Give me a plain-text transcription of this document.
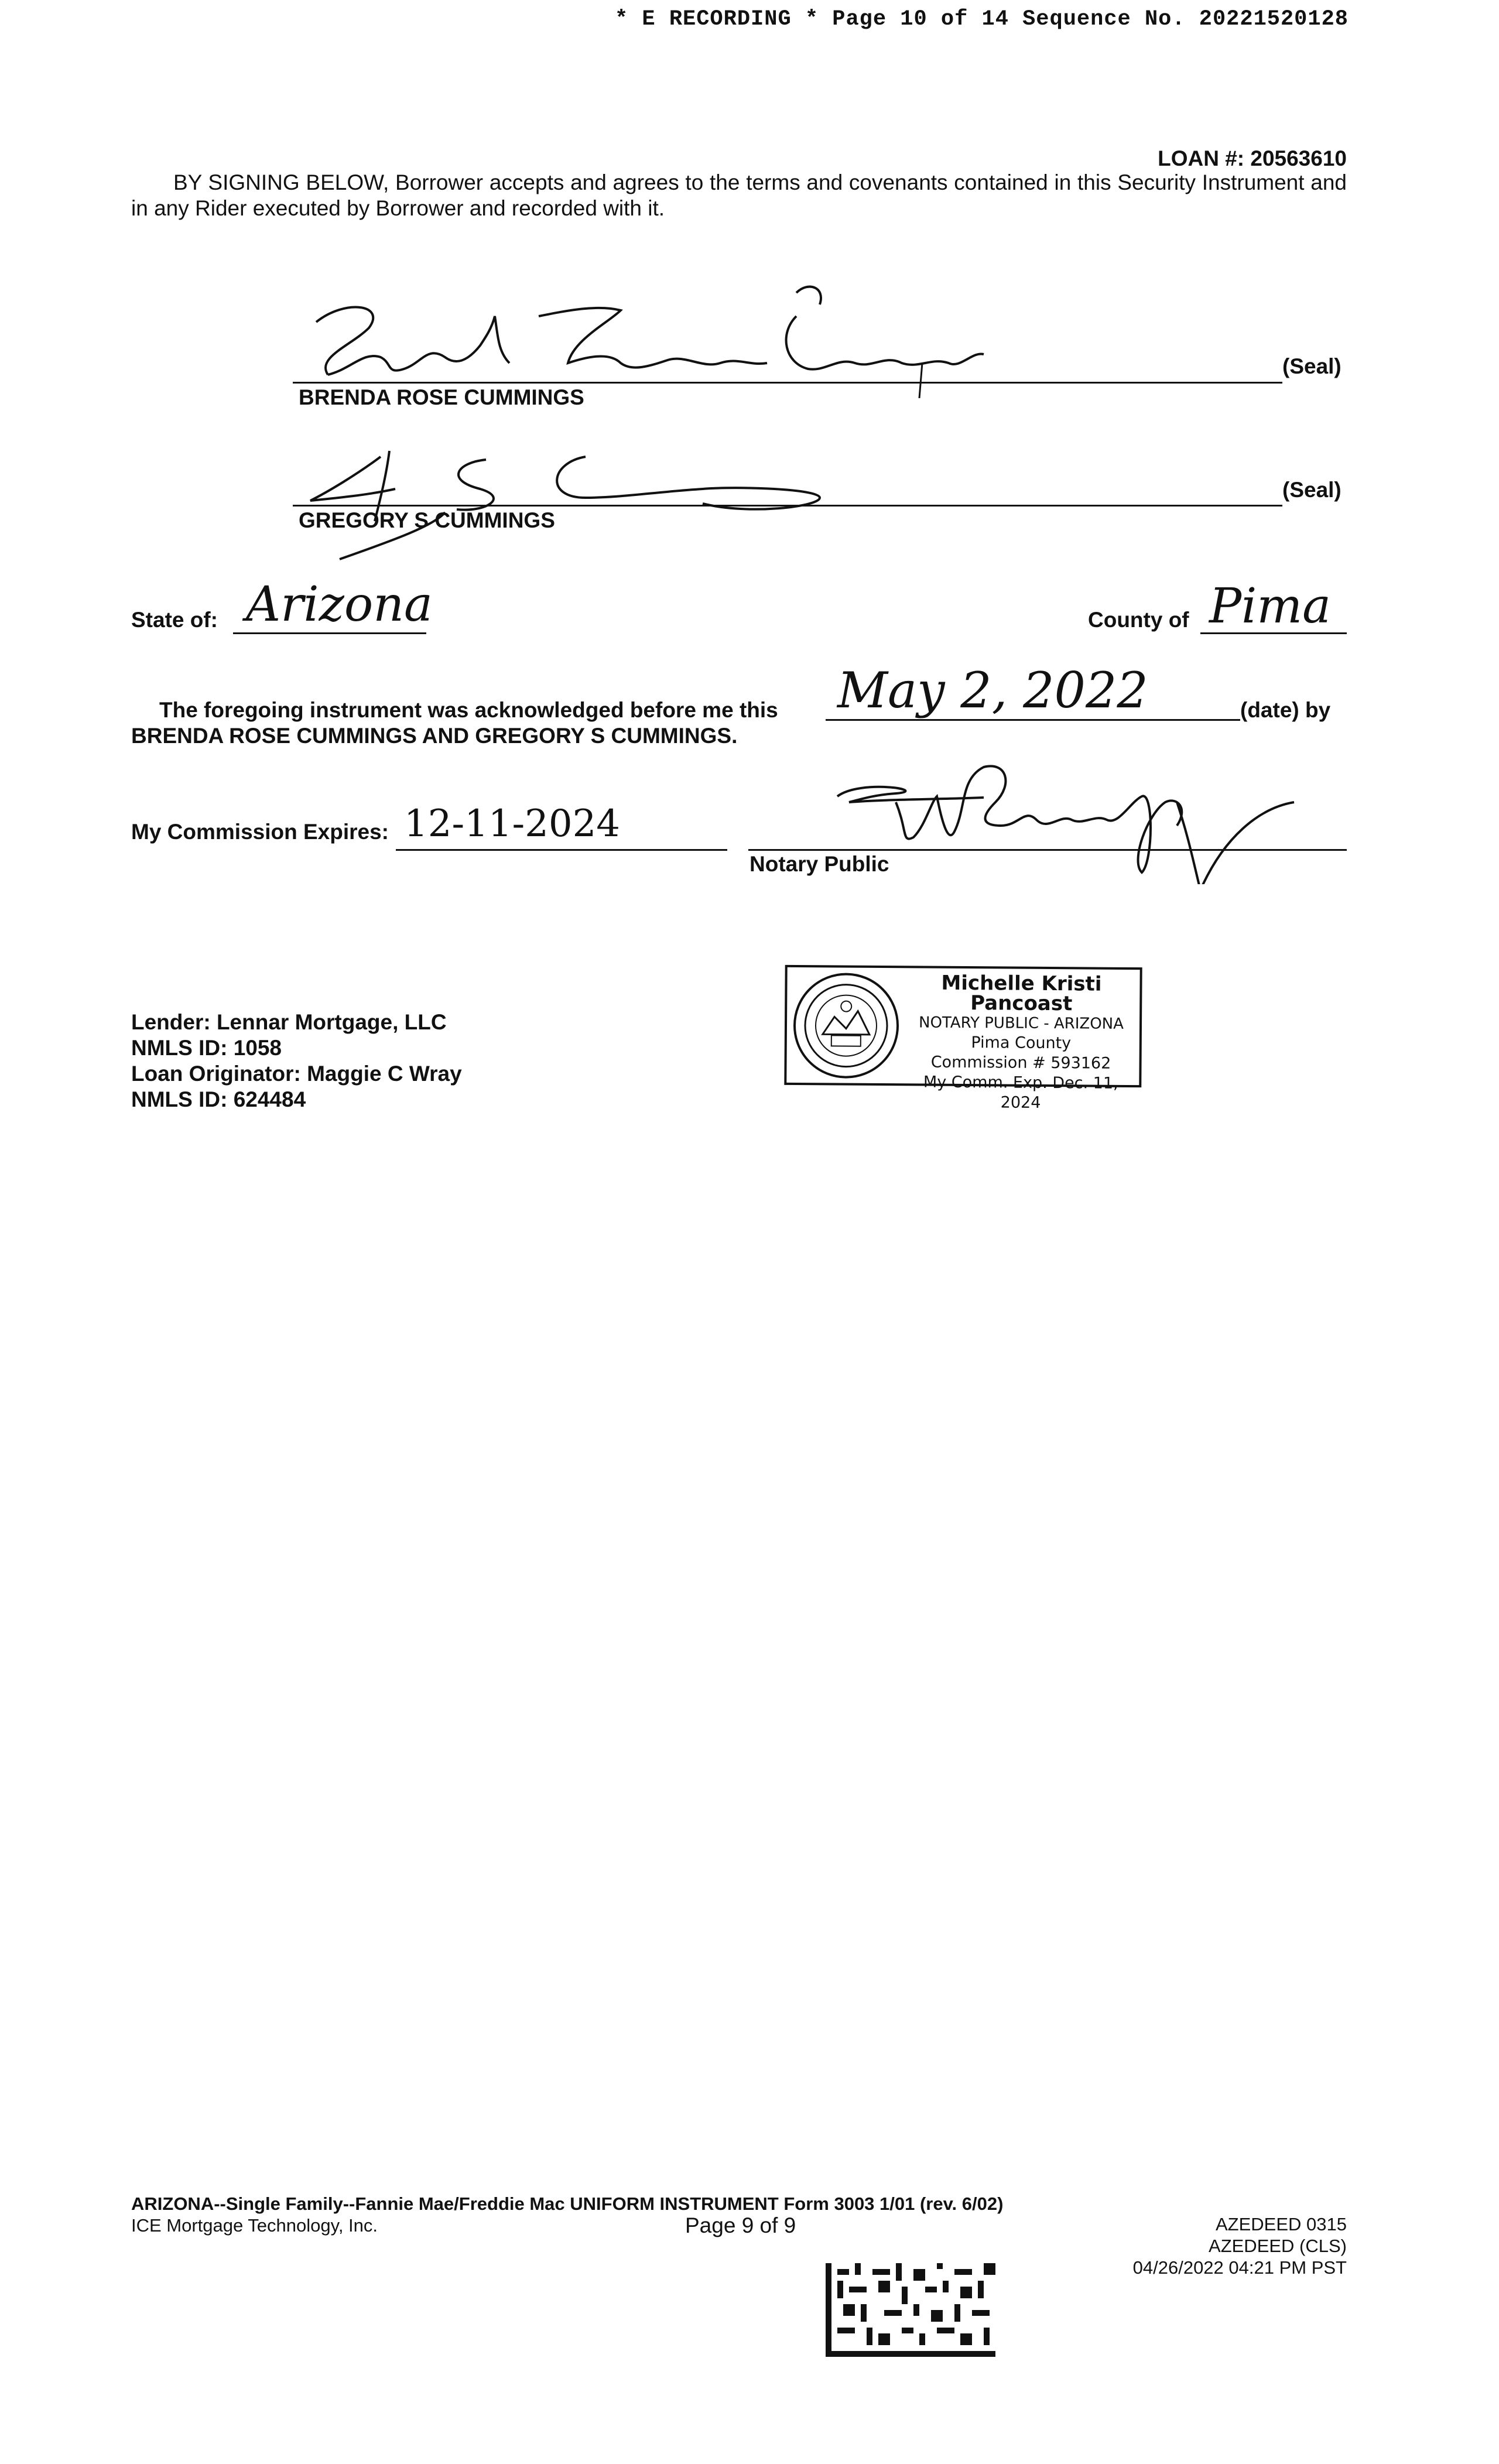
* E RECORDING * Page 10 of 14 Sequence No. 20221520128
LOAN #: 20563610

BY SIGNING BELOW, Borrower accepts and agrees to the terms and covenants contained in this Security Instrument and in any Rider executed by Borrower and recorded with it.

BRENDA ROSE CUMMINGS
(Seal)
GREGORY S CUMMINGS
(Seal)
State of: Arizona	County of Pima
The foregoing instrument was acknowledged before me this May 2, 2022	(date) by
BRENDA ROSE CUMMINGS AND GREGORY S CUMMINGS.
My Commission Expires: 12-11-2024
Notary Public
Michelle Kristi Pancoast
NOTARY PUBLIC - ARIZONA
Pima County
Commission # 593162
My Comm. Exp. Dec. 11, 2024
Lender: Lennar Mortgage, LLC
NMLS ID: 1058
Loan Originator: Maggie C Wray
NMLS ID: 624484
ARIZONA--Single Family--Fannie Mae/Freddie Mac UNIFORM INSTRUMENT Form 3003 1/01 (rev. 6/02)
ICE Mortgage Technology, Inc.	Page 9 of 9	AZEDEED 0315
AZEDEED (CLS)
04/26/2022 04:21 PM PST
